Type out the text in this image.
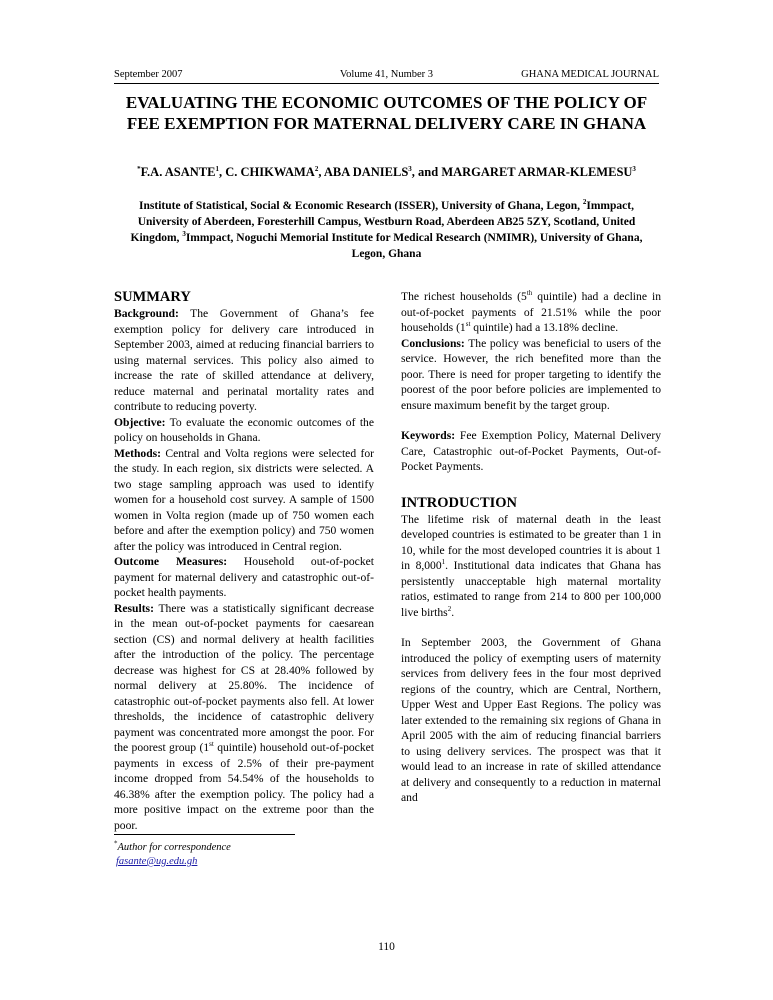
September 2007	Volume 41, Number 3	GHANA MEDICAL JOURNAL
EVALUATING THE ECONOMIC OUTCOMES OF THE POLICY OF FEE EXEMPTION FOR MATERNAL DELIVERY CARE IN GHANA

*F.A. ASANTE$^1$, C. CHIKWAMA$^2$, ABA DANIELS$^3$, and MARGARET ARMAR-KLEMESU$^3$

Institute of Statistical, Social & Economic Research (ISSER), University of Ghana, Legon, $^2$Immpact, University of Aberdeen, Foresterhill Campus, Westburn Road, Aberdeen AB25 5ZY, Scotland, United Kingdom, $^3$Immpact, Noguchi Memorial Institute for Medical Research (NMIMR), University of Ghana, Legon, Ghana

SUMMARY

Background: The Government of Ghana’s fee exemption policy for delivery care introduced in September 2003, aimed at reducing financial barriers to using maternal services. This policy also aimed to increase the rate of skilled attendance at delivery, reduce maternal and perinatal mortality rates and contribute to reducing poverty.

Objective: To evaluate the economic outcomes of the policy on households in Ghana.

Methods: Central and Volta regions were selected for the study. In each region, six districts were selected. A two stage sampling approach was used to identify women for a household cost survey. A sample of 1500 women in Volta region (made up of 750 women each before and after the exemption policy) and 750 women after the policy was introduced in Central region.

Outcome Measures: Household out-of-pocket payment for maternal delivery and catastrophic out-of-pocket health payments.

Results: There was a statistically significant decrease in the mean out-of-pocket payments for caesarean section (CS) and normal delivery at health facilities after the introduction of the policy. The percentage decrease was highest for CS at 28.40% followed by normal delivery at 25.80%. The incidence of catastrophic out-of-pocket payments also fell. At lower thresholds, the incidence of catastrophic delivery payment was concentrated more amongst the poor. For the poorest group (1st quintile) household out-of-pocket payments in excess of 2.5% of their pre-payment income dropped from 54.54% of the households to 46.38% after the exemption policy. The policy had a more positive impact on the extreme poor than the poor.

The richest households (5th quintile) had a decline in out-of-pocket payments of 21.51% while the poor households (1st quintile) had a 13.18% decline.

Conclusions: The policy was beneficial to users of the service. However, the rich benefited more than the poor. There is need for proper targeting to identify the poorest of the poor before policies are implemented to ensure maximum benefit by the target group.

Keywords: Fee Exemption Policy, Maternal Delivery Care, Catastrophic out-of-Pocket Payments, Out-of-Pocket Payments.

INTRODUCTION

The lifetime risk of maternal death in the least developed countries is estimated to be greater than 1 in 10, while for the most developed countries it is about 1 in 8,000$^1$. Institutional data indicates that Ghana has persistently unacceptable high maternal mortality ratios, estimated to range from 214 to 800 per 100,000 live births$^2$.

In September 2003, the Government of Ghana introduced the policy of exempting users of maternity services from delivery fees in the four most deprived regions of the country, which are Central, Northern, Upper West and Upper East Regions. The policy was later extended to the remaining six regions of Ghana in April 2005 with the aim of reducing financial barriers to using delivery services. The prospect was that it would lead to an increase in rate of skilled attendance at delivery and consequently to a reduction in maternal and

*Author for correspondence
fasante@ug.edu.gh
110
